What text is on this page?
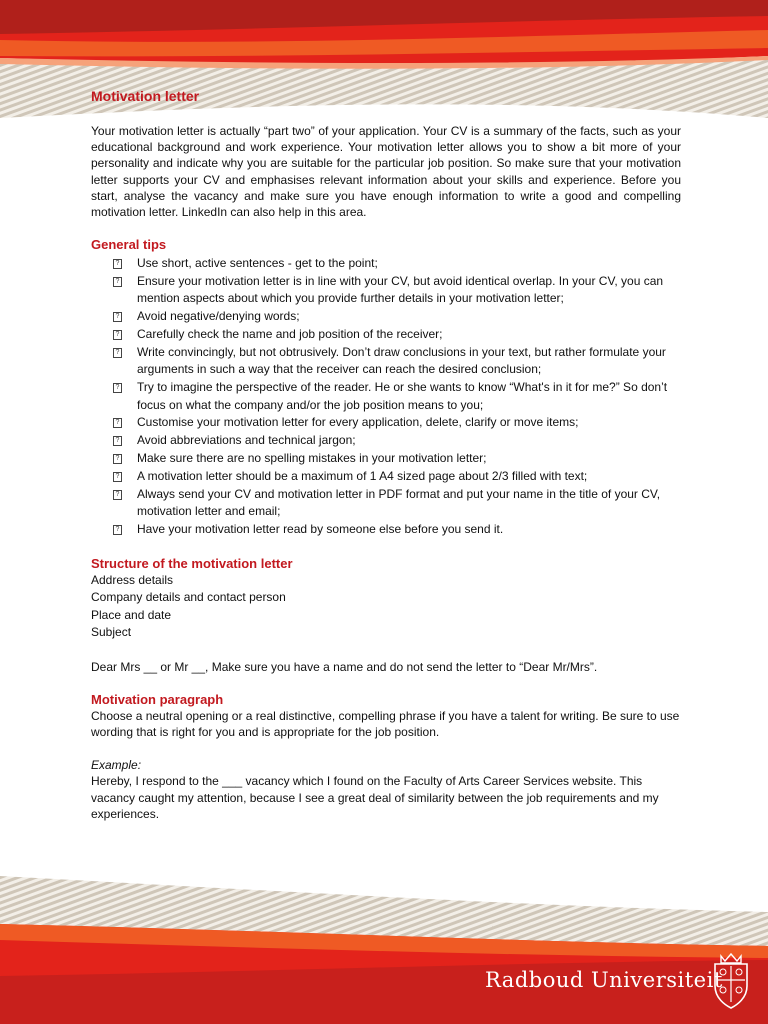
Motivation letter

Your motivation letter is actually “part two” of your application. Your CV is a summary of the facts, such as your educational background and work experience. Your motivation letter allows you to show a bit more of your personality and indicate why you are suitable for the particular job position. So make sure that your motivation letter supports your CV and emphasises relevant information about your skills and experience. Before you start, analyse the vacancy and make sure you have enough information to write a good and compelling motivation letter. LinkedIn can also help in this area.

General tips
? Use short, active sentences - get to the point;
? Ensure your motivation letter is in line with your CV, but avoid identical overlap. In your CV, you can mention aspects about which you provide further details in your motivation letter;
? Avoid negative/denying words;
? Carefully check the name and job position of the receiver;
? Write convincingly, but not obtrusively. Don’t draw conclusions in your text, but rather formulate your arguments in such a way that the receiver can reach the desired conclusion;
? Try to imagine the perspective of the reader. He or she wants to know “What's in it for me?” So don’t focus on what the company and/or the job position means to you;
? Customise your motivation letter for every application, delete, clarify or move items;
? Avoid abbreviations and technical jargon;
? Make sure there are no spelling mistakes in your motivation letter;
? A motivation letter should be a maximum of 1 A4 sized page about 2/3 filled with text;
? Always send your CV and motivation letter in PDF format and put your name in the title of your CV, motivation letter and email;
? Have your motivation letter read by someone else before you send it.
Structure of the motivation letter

Address details

Company details and contact person

Place and date

Subject

Dear Mrs __ or Mr __, Make sure you have a name and do not send the letter to “Dear Mr/Mrs”.

Motivation paragraph

Choose a neutral opening or a real distinctive, compelling phrase if you have a talent for writing. Be sure to use wording that is right for you and is appropriate for the job position.

Example:

Hereby, I respond to the ___ vacancy which I found on the Faculty of Arts Career Services website. This vacancy caught my attention, because I see a great deal of similarity between the job requirements and my experiences.

Radboud Universiteit
